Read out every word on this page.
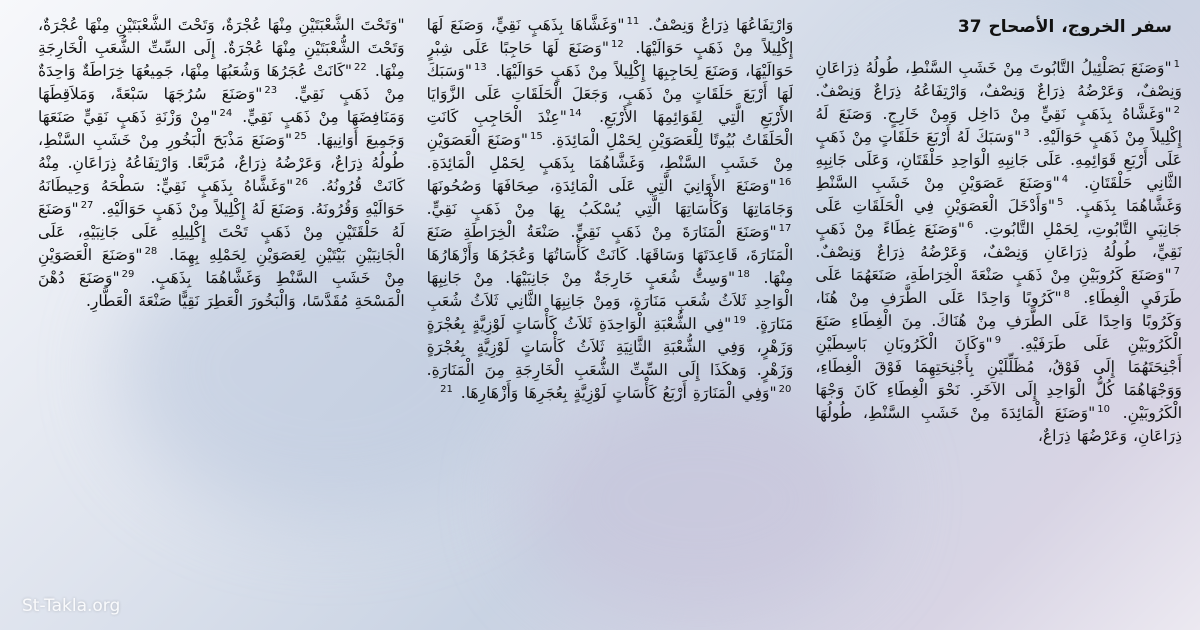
سفر الخروج، الأصحاح 37

$^1$"وَصَنَعَ بَصَلْئِيلُ التَّابُوتَ مِنْ خَشَبِ السَّنْطِ، طُولُهُ ذِرَاعَانِ وَنِصْفٌ، وَعَرْضُهُ ذِرَاعٌ وَنِصْفٌ، وَارْتِفَاعُهُ ذِرَاعٌ وَنِصْفٌ. $^2$"وَغَشَّاهُ بِذَهَبٍ نَقِيٍّ مِنْ دَاخِل وَمِنْ خَارِجٍ. وَصَنَعَ لَهُ إِكْلِيلاً مِنْ ذَهَبٍ حَوَالَيْهِ. $^3$"وَسَبَكَ لَهُ أَرْبَعَ حَلَقَاتٍ مِنْ ذَهَبٍ عَلَى أَرْبَعِ قَوَائِمِهِ. عَلَى جَانِبِهِ الْوَاحِدِ حَلْقَتَانِ، وَعَلَى جَانِبِهِ الثَّانِي حَلْقَتَانِ. $^4$"وَصَنَعَ عَصَوَيْنِ مِنْ خَشَبِ السَّنْطِ وَغَشَّاهُمَا بِذَهَبٍ. $^5$"وَأَدْخَلَ الْعَصَوَيْنِ فِي الْحَلَقَاتِ عَلَى جَانِبَيِ التَّابُوتِ، لِحَمْلِ التَّابُوتِ. $^6$"وَصَنَعَ غِطَاءً مِنْ ذَهَبٍ نَقِيٍّ، طُولُهُ ذِرَاعَانِ وَنِصْفٌ، وَعَرْضُهُ ذِرَاعٌ وَنِصْفٌ. $^7$"وَصَنَعَ كَرُوبَيْنِ مِنْ ذَهَبٍ صَنْعَةَ الْخِرَاطَةِ، صَنَعَهُمَا عَلَى طَرَفَيِ الْغِطَاءِ. $^8$"كَرُوبًا وَاحِدًا عَلَى الطَّرَفِ مِنْ هُنَا، وَكَرُوبًا وَاحِدًا عَلَى الطَّرَفِ مِنْ هُنَاكَ. مِنَ الْغِطَاءِ صَنَعَ الْكَرُوبَيْنِ عَلَى طَرَفَيْهِ. $^9$"وَكَانَ الْكَرُوبَانِ بَاسِطَيْنِ أَجْنِحَتَهُمَا إِلَى فَوْقُ، مُظَلِّلَيْنِ بِأَجْنِحَتِهِمَا فَوْقَ الْغِطَاءِ، وَوَجْهَاهُمَا كُلُّ الْوَاحِدِ إِلَى الآخَرِ. نَحْوَ الْغِطَاءِ كَانَ وَجْهَا الْكَرُوبَيْنِ. $^{10}$"وَصَنَعَ الْمَائِدَةَ مِنْ خَشَبِ السَّنْطِ، طُولُهَا ذِرَاعَانِ، وَعَرْضُهَا ذِرَاعٌ،

وَارْتِفَاعُهَا ذِرَاعٌ وَنِصْفٌ. $^{11}$"وَغَشَّاهَا بِذَهَبٍ نَقِيٍّ، وَصَنَعَ لَهَا إِكْلِيلاً مِنْ ذَهَبٍ حَوَالَيْهَا. $^{12}$"وَصَنَعَ لَهَا حَاجِبًا عَلَى شِبْرٍ حَوَالَيْهَا، وَصَنَعَ لِحَاجِبِهَا إِكْلِيلاً مِنْ ذَهَبٍ حَوَالَيْهَا. $^{13}$"وَسَبَكَ لَهَا أَرْبَعَ حَلَقَاتٍ مِنْ ذَهَبٍ، وَجَعَلَ الْحَلَقَاتِ عَلَى الزَّوَايَا الأَرْبَعِ الَّتِي لِقَوَائِمِهَا الأَرْبَعِ. $^{14}$"عِنْدَ الْحَاجِبِ كَانَتِ الْحَلَقَاتُ بُيُوتًا لِلْعَصَوَيْنِ لِحَمْلِ الْمَائِدَةِ. $^{15}$"وَصَنَعَ الْعَصَوَيْنِ مِنْ خَشَبِ السَّنْطِ، وَغَشَّاهُمَا بِذَهَبٍ لِحَمْلِ الْمَائِدَةِ. $^{16}$"وَصَنَعَ الأَوَانِيَ الَّتِي عَلَى الْمَائِدَةِ، صِحَافَهَا وَصُحُونَهَا وَجَامَاتِهَا وَكَأْسَاتِهَا الَّتِي يُسْكَبُ بِهَا مِنْ ذَهَبٍ نَقِيٍّ. $^{17}$"وَصَنَعَ الْمَنَارَةَ مِنْ ذَهَبٍ نَقِيٍّ. صَنْعَةُ الْخِرَاطَةِ صَنَعَ الْمَنَارَةَ، قَاعِدَتَهَا وَسَاقَهَا. كَانَتْ كَأْسَاتُهَا وَعُجَرُهَا وَأَزْهَارُهَا مِنْهَا. $^{18}$"وَسِتُّ شُعَبٍ خَارِجَةٌ مِنْ جَانِبَيْهَا. مِنْ جَانِبِهَا الْوَاحِدِ ثَلاَثُ شُعَبِ مَنَارَةٍ، وَمِنْ جَانِبِهَا الثَّانِي ثَلاَثُ شُعَبِ مَنَارَةٍ. $^{19}$"فِي الشُّعْبَةِ الْوَاحِدَةِ ثَلاَثُ كَأْسَاتٍ لَوْزِيَّةٍ بِعُجْرَةٍ وَزَهْرٍ، وَفِي الشُّعْبَةِ الثَّانِيَةِ ثَلاَثُ كَأْسَاتٍ لَوْزِيَّةٍ بِعُجْرَةٍ وَزَهْرٍ. وَهكَذَا إِلَى السِّتِّ الشُّعَبِ الْخَارِجَةِ مِنَ الْمَنَارَةِ. $^{20}$"وَفِي الْمَنَارَةِ أَرْبَعُ كَأْسَاتٍ لَوْزِيَّةٍ بِعُجَرِهَا وَأَزْهَارِهَا. $^{21}$

"وَتَحْتَ الشُّعْبَتَيْنِ مِنْهَا عُجْرَةٌ، وَتَحْتَ الشُّعْبَتَيْنِ مِنْهَا عُجْرَةٌ، وَتَحْتَ الشُّعْبَتَيْنِ مِنْهَا عُجْرَةٌ. إِلَى السِّتِّ الشُّعَبِ الْخَارِجَةِ مِنْهَا. $^{22}$"كَانَتْ عُجَرُهَا وَشُعَبُهَا مِنْهَا، جَمِيعُهَا خِرَاطَةٌ وَاحِدَةٌ مِنْ ذَهَبٍ نَقِيٍّ. $^{23}$"وَصَنَعَ سُرُجَهَا سَبْعَةً، وَمَلاَقِطَهَا وَمَنَافِضَهَا مِنْ ذَهَبٍ نَقِيٍّ. $^{24}$"مِنْ وَزْنَةِ ذَهَبٍ نَقِيٍّ صَنَعَهَا وَجَمِيعَ أَوَانِيهَا. $^{25}$"وَصَنَعَ مَذْبَحَ الْبَخُورِ مِنْ خَشَبِ السَّنْطِ، طُولُهُ ذِرَاعٌ، وَعَرْضُهُ ذِرَاعٌ، مُرَبَّعًا. وَارْتِفَاعُهُ ذِرَاعَانِ. مِنْهُ كَانَتْ قُرُونُهُ. $^{26}$"وَغَشَّاهُ بِذَهَبٍ نَقِيٍّ: سَطْحَهُ وَحِيطَانَهُ حَوَالَيْهِ وَقُرُونَهُ. وَصَنَعَ لَهُ إِكْلِيلاً مِنْ ذَهَبٍ حَوَالَيْهِ. $^{27}$"وَصَنَعَ لَهُ حَلْقَتَيْنِ مِنْ ذَهَبٍ تَحْتَ إِكْلِيلِهِ عَلَى جَانِبَيْهِ، عَلَى الْجَانِبَيْنِ بَيْتَيْنِ لِعَصَوَيْنِ لِحَمْلِهِ بِهِمَا. $^{28}$"وَصَنَعَ الْعَصَوَيْنِ مِنْ خَشَبِ السَّنْطِ وَغَشَّاهُمَا بِذَهَبٍ. $^{29}$"وَصَنَعَ دُهْنَ الْمَسْحَةِ مُقَدَّسًا، وَالْبَخُورَ الْعَطِرَ نَقِيًّا صَنْعَةَ الْعَطَّارِ.

St-Takla.org
